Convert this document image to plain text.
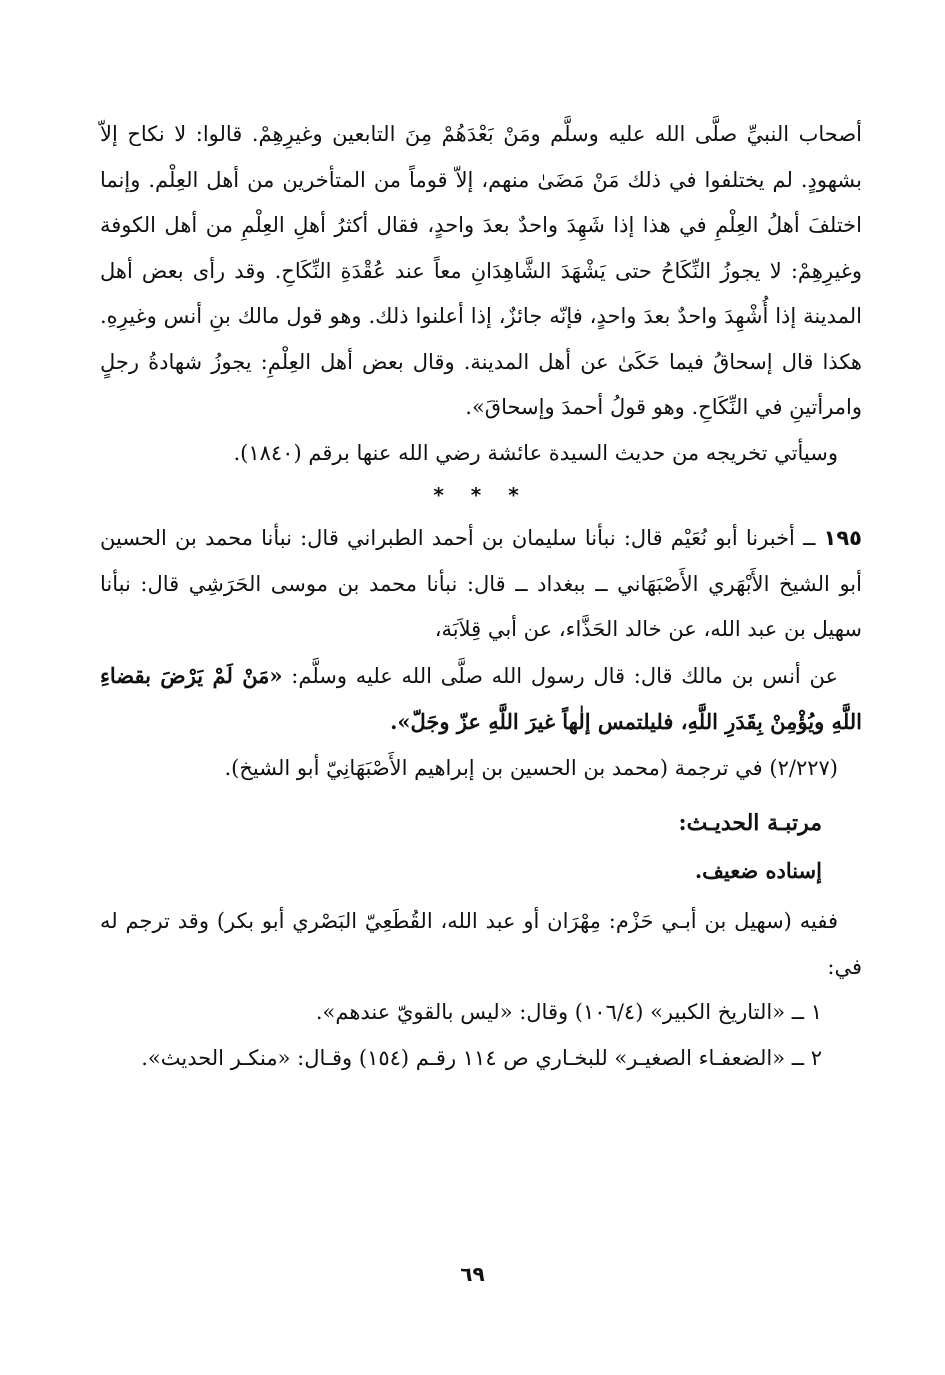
أصحاب النبيِّ صلَّى الله عليه وسلَّم ومَنْ بَعْدَهُمْ مِنَ التابعين وغيرِهِمْ. قالوا: لا نكاح إلاّ بشهودٍ. لم يختلفوا في ذلك مَنْ مَضَىٰ منهم، إلاّ قوماً من المتأخرين من أهل العِلْم. وإنما اختلفَ أهلُ العِلْمِ في هذا إذا شَهِدَ واحدٌ بعدَ واحدٍ، فقال أكثرُ أهلِ العِلْمِ من أهل الكوفة وغيرِهِمْ: لا يجوزُ النِّكَاحُ حتى يَشْهَدَ الشَّاهِدَانِ معاً عند عُقْدَةِ النِّكَاحِ. وقد رأى بعض أهل المدينة إذا أُشْهِدَ واحدٌ بعدَ واحدٍ، فإنّه جائزٌ، إذا أعلنوا ذلك. وهو قول مالك بنِ أنس وغيرِهِ. هكذا قال إسحاقُ فيما حَكَىٰ عن أهل المدينة. وقال بعض أهل العِلْمِ: يجوزُ شهادةُ رجلٍ وامرأتينِ في النِّكَاحِ. وهو قولُ أحمدَ وإسحاقَ».

وسيأتي تخريجه من حديث السيدة عائشة رضي الله عنها برقم (١٨٤٠).

* * *

١٩٥ ــ أخبرنا أبو نُعَيْم قال: نبأنا سليمان بن أحمد الطبراني قال: نبأنا محمد بن الحسين أبو الشيخ الأَبْهَري الأَصْبَهَاني ــ ببغداد ــ قال: نبأنا محمد بن موسى الحَرَشِي قال: نبأنا سهيل بن عبد الله، عن خالد الحَذَّاء، عن أبي قِلاَبَة،

عن أنس بن مالك قال: قال رسول الله صلَّى الله عليه وسلَّم: «مَنْ لَمْ يَرْضَ بقضاءِ اللَّهِ ويُؤْمِنْ بِقَدَرِ اللَّهِ، فليلتمس إلٰهاً غيرَ اللَّهِ عزّ وجَلّ».

(٢/٢٢٧) في ترجمة (محمد بن الحسين بن إبراهيم الأَصْبَهَانِيّ أبو الشيخ).

مرتبـة الحديـث:
إسناده ضعيف.

ففيه (سهيل بن أبـي حَزْم: مِهْرَان أو عبد الله، القُطَعِيّ البَصْري أبو بكر) وقد ترجم له في:

١ ــ «التاريخ الكبير» (١٠٦/٤) وقال: «ليس بالقويّ عندهم».

٢ ــ «الضعفـاء الصغيـر» للبخـاري ص ١١٤ رقـم (١٥٤) وقـال: «منكـر الحديث».

٦٩
